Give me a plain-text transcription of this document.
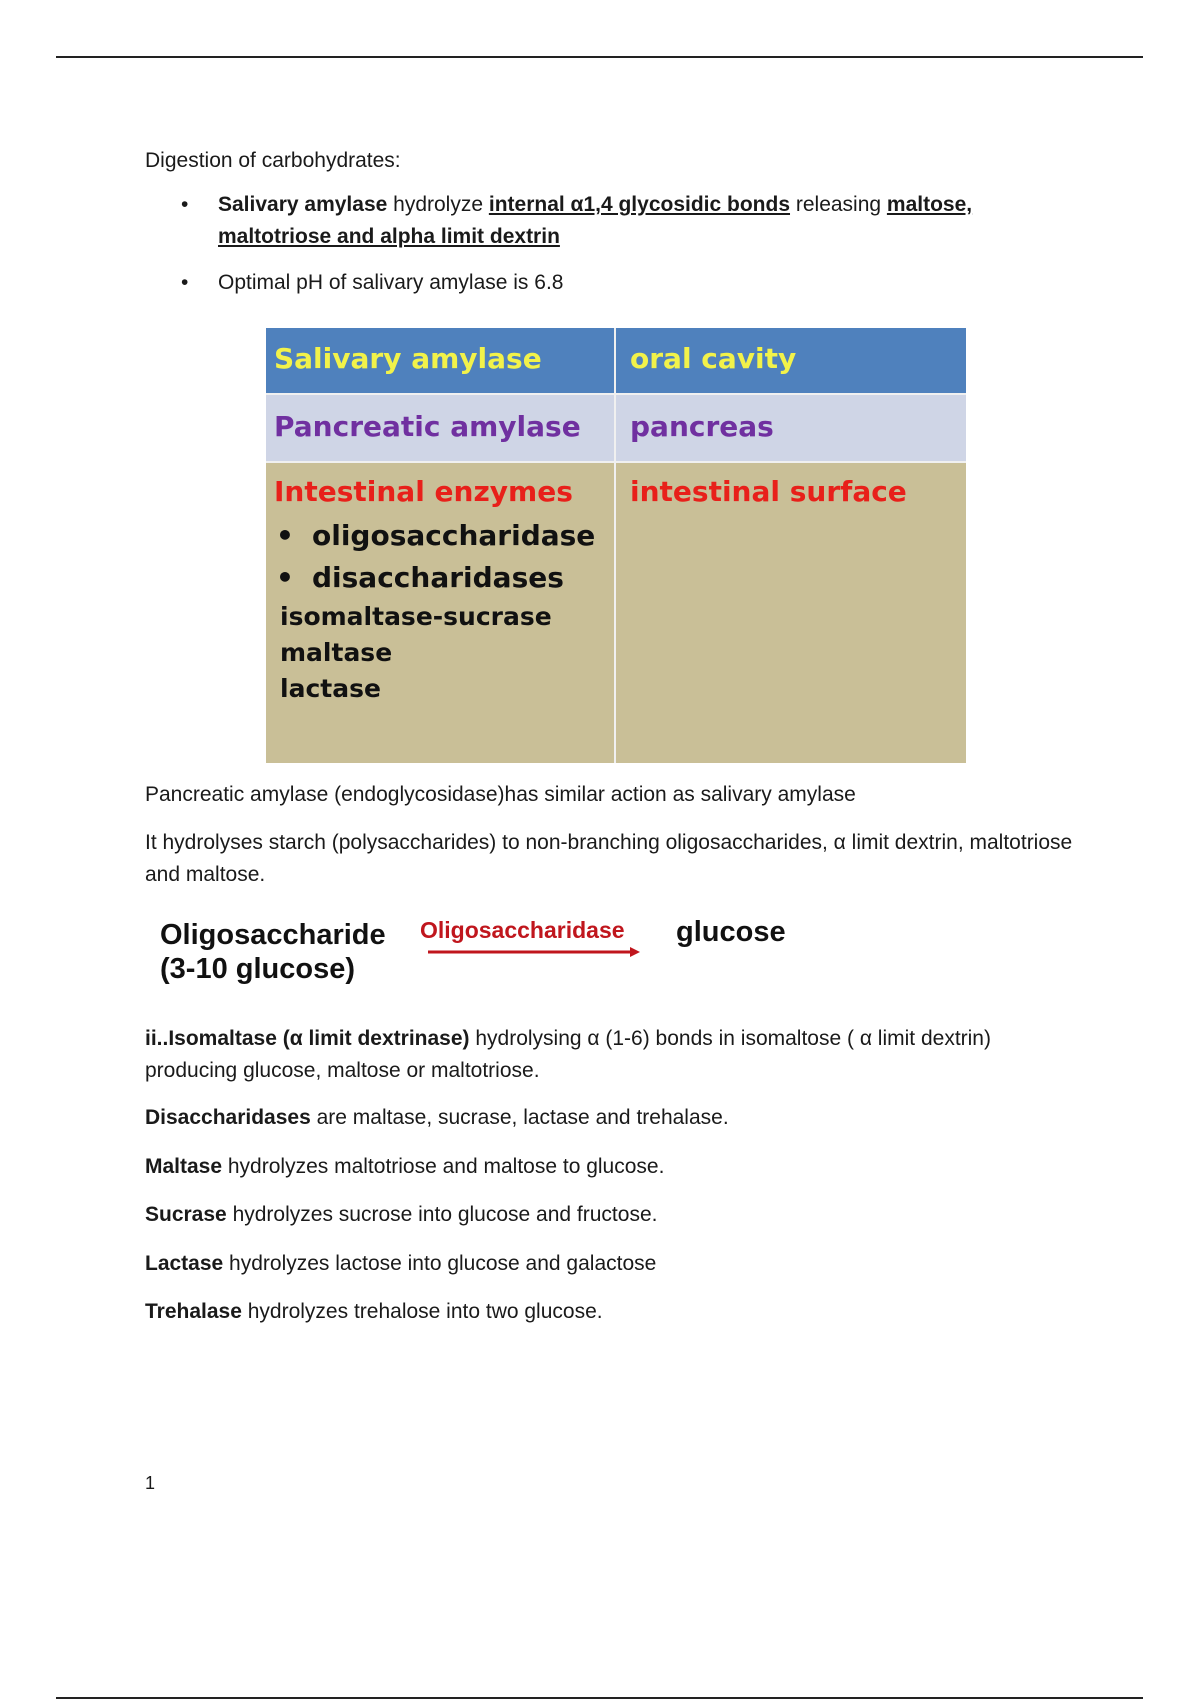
Digestion of carbohydrates:

• Salivary amylase hydrolyze internal α1,4 glycosidic bonds releasing maltose, maltotriose and alpha limit dextrin
• Optimal pH of salivary amylase is 6.8
Salivary amylase	oral cavity
Pancreatic amylase	pancreas
Intestinal enzymes
• oligosaccharidase
• disaccharidases
isomaltase-sucrase
maltase
lactase
intestinal surface

Pancreatic amylase (endoglycosidase)has similar action as salivary amylase

It hydrolyses starch (polysaccharides) to non-branching oligosaccharides, α limit dextrin, maltotriose and maltose.

Oligosaccharide
(3-10 glucose)
Oligosaccharidase glucose

ii..Isomaltase (α limit dextrinase) hydrolysing α (1-6) bonds in isomaltose ( α limit dextrin) producing glucose, maltose or maltotriose.

Disaccharidases are maltase, sucrase, lactase and trehalase.

Maltase hydrolyzes maltotriose and maltose to glucose.

Sucrase hydrolyzes sucrose into glucose and fructose.

Lactase hydrolyzes lactose into glucose and galactose

Trehalase hydrolyzes trehalose into two glucose.

1
